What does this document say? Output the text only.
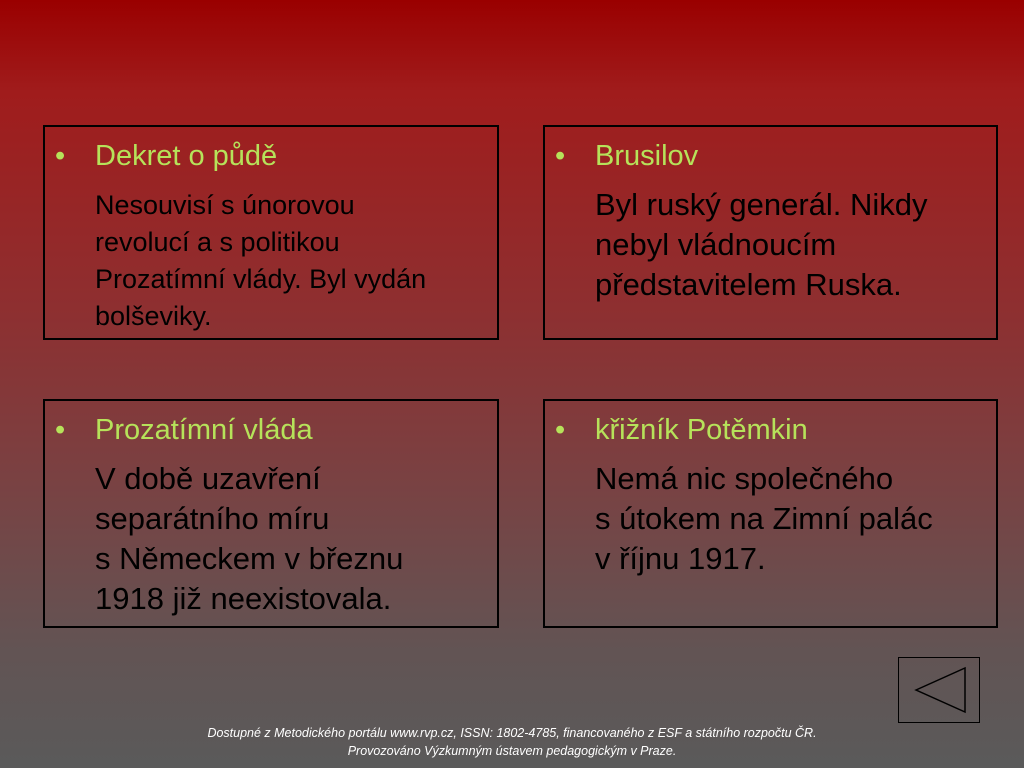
• Dekret o půdě
Nesouvisí s únorovou
revolucí a s politikou
Prozatímní vlády. Byl vydán
bolševiky.
• Brusilov
Byl ruský generál. Nikdy
nebyl vládnoucím
představitelem Ruska.
• Prozatímní vláda
V době uzavření
separátního míru
s Německem v březnu
1918 již neexistovala.
• křižník Potěmkin
Nemá nic společného
s útokem na Zimní palác
v říjnu 1917.
Dostupné z Metodického portálu www.rvp.cz, ISSN: 1802-4785, financovaného z ESF a státního rozpočtu ČR.
Provozováno Výzkumným ústavem pedagogickým v Praze.
